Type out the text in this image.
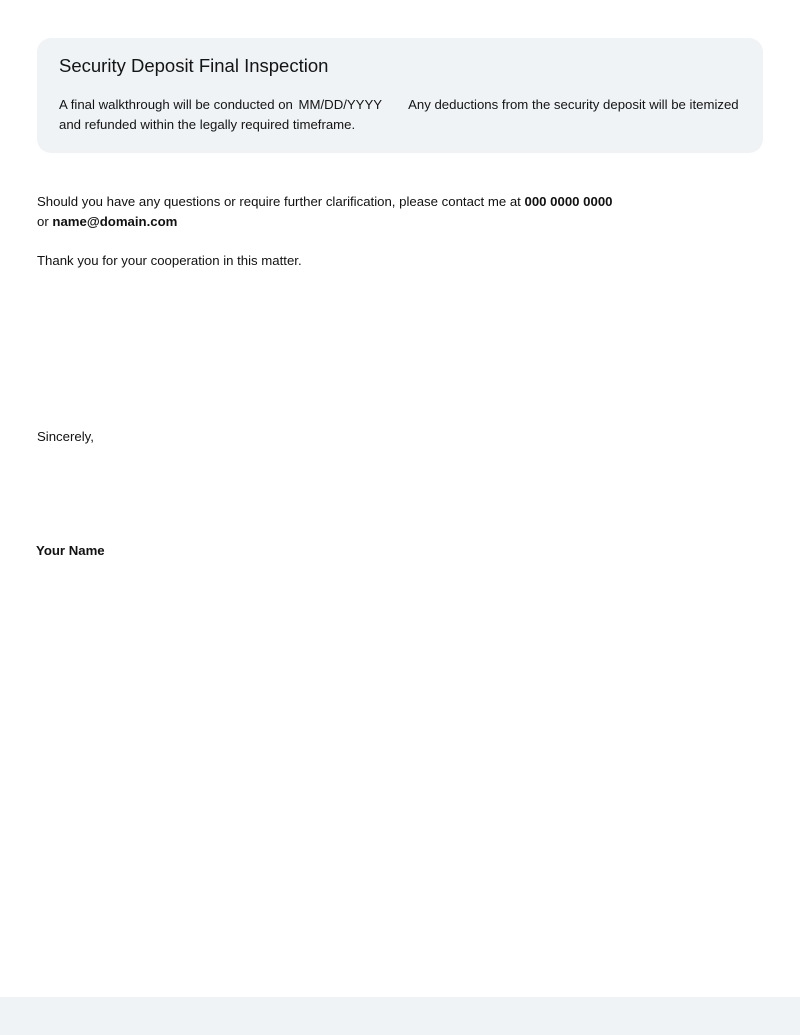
Security Deposit Final Inspection

A final walkthrough will be conducted on MM/DD/YYYY Any deductions from the security deposit will be itemized and refunded within the legally required timeframe.

Should you have any questions or require further clarification, please contact me at 000 0000 0000
or name@domain.com

Thank you for your cooperation in this matter.

Sincerely,

Your Name
